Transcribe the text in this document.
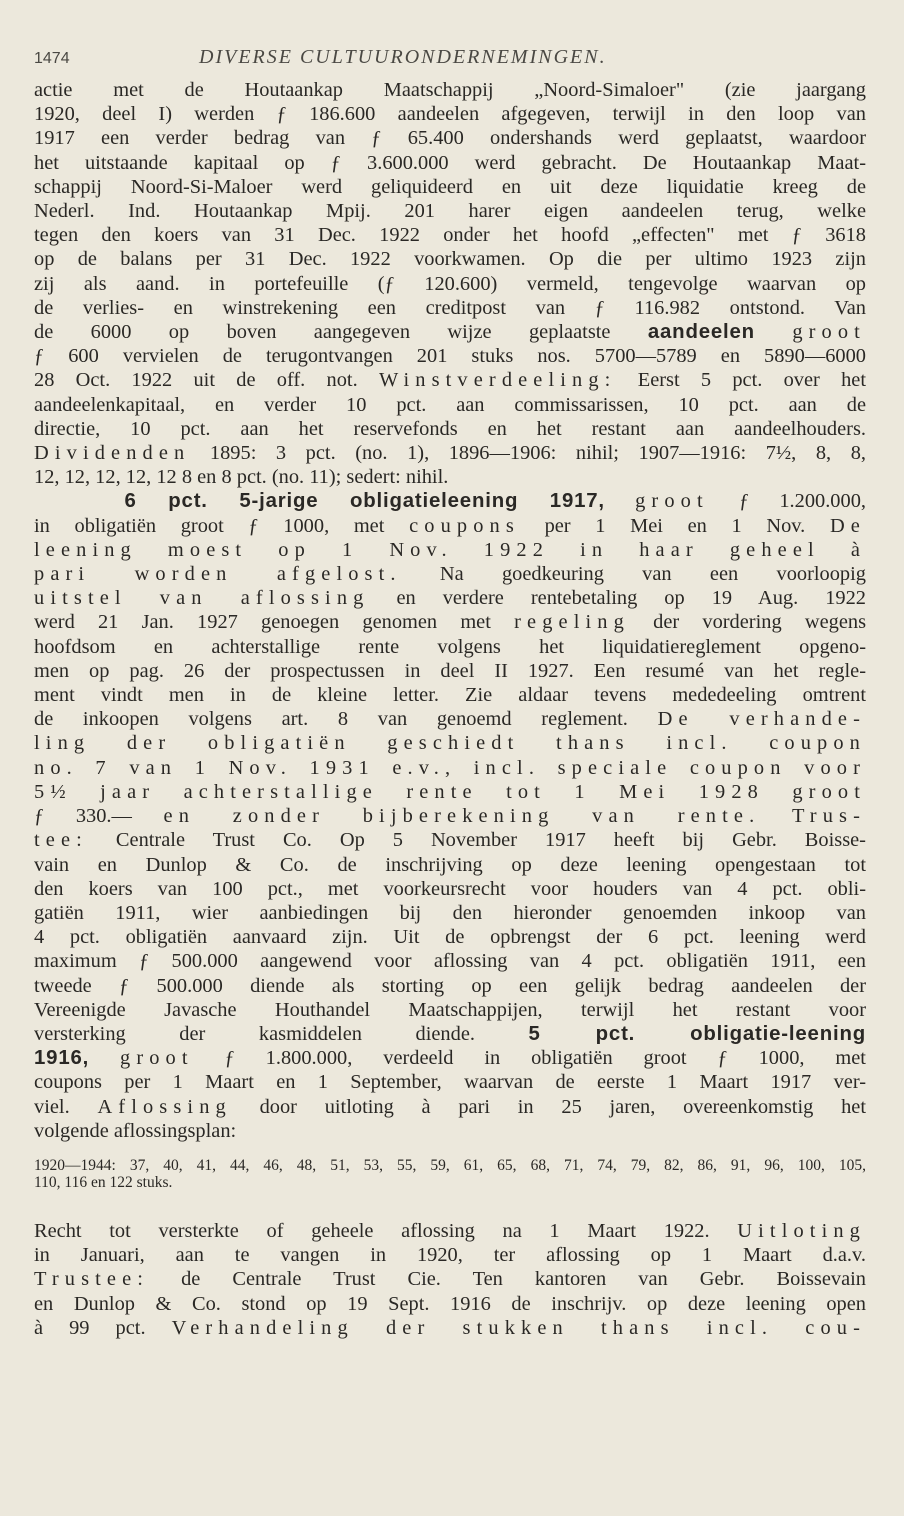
1474	DIVERSE CULTUURONDERNEMINGEN.

actie met de Houtaankap Maatschappij „Noord-Simaloer" (zie jaargang

1920, deel I) werden ƒ 186.600 aandeelen afgegeven, terwijl in den loop van

1917 een verder bedrag van ƒ 65.400 ondershands werd geplaatst, waardoor

het uitstaande kapitaal op ƒ 3.600.000 werd gebracht. De Houtaankap Maat-

schappij Noord-Si-Maloer werd geliquideerd en uit deze liquidatie kreeg de

Nederl. Ind. Houtaankap Mpij. 201 harer eigen aandeelen terug, welke

tegen den koers van 31 Dec. 1922 onder het hoofd „effecten" met ƒ 3618

op de balans per 31 Dec. 1922 voorkwamen. Op die per ultimo 1923 zijn

zij als aand. in portefeuille (ƒ 120.600) vermeld, tengevolge waarvan op

de verlies- en winstrekening een creditpost van ƒ 116.982 ontstond. Van

de 6000 op boven aangegeven wijze geplaatste aandeelen groot

ƒ 600 vervielen de terugontvangen 201 stuks nos. 5700—5789 en 5890—6000

28 Oct. 1922 uit de off. not. Winstverdeeling: Eerst 5 pct. over het

aandeelenkapitaal, en verder 10 pct. aan commissarissen, 10 pct. aan de

directie, 10 pct. aan het reservefonds en het restant aan aandeelhouders.

Dividenden 1895: 3 pct. (no. 1), 1896—1906: nihil; 1907—1916: 7½, 8, 8,

12, 12, 12, 12, 12 8 en 8 pct. (no. 11); sedert: nihil.

6 pct. 5-jarige obligatieleening 1917, groot ƒ 1.200.000,

in obligatiën groot ƒ 1000, met coupons per 1 Mei en 1 Nov. De

leening moest op 1 Nov. 1922 in haar geheel à

pari worden afgelost. Na goedkeuring van een voorloopig

uitstel van aflossing en verdere rentebetaling op 19 Aug. 1922

werd 21 Jan. 1927 genoegen genomen met regeling der vordering wegens

hoofdsom en achterstallige rente volgens het liquidatiereglement opgeno-

men op pag. 26 der prospectussen in deel II 1927. Een resumé van het regle-

ment vindt men in de kleine letter. Zie aldaar tevens mededeeling omtrent

de inkoopen volgens art. 8 van genoemd reglement. De verhande-

ling der obligatiën geschiedt thans incl. coupon

no. 7 van 1 Nov. 1931 e.v., incl. speciale coupon voor

5½ jaar achterstallige rente tot 1 Mei 1928 groot

ƒ 330.— en zonder bijberekening van rente. Trus-

tee: Centrale Trust Co. Op 5 November 1917 heeft bij Gebr. Boisse-

vain en Dunlop & Co. de inschrijving op deze leening opengestaan tot

den koers van 100 pct., met voorkeursrecht voor houders van 4 pct. obli-

gatiën 1911, wier aanbiedingen bij den hieronder genoemden inkoop van

4 pct. obligatiën aanvaard zijn. Uit de opbrengst der 6 pct. leening werd

maximum ƒ 500.000 aangewend voor aflossing van 4 pct. obligatiën 1911, een

tweede ƒ 500.000 diende als storting op een gelijk bedrag aandeelen der

Vereenigde Javasche Houthandel Maatschappijen, terwijl het restant voor

versterking der kasmiddelen diende.	5 pct. obligatie-leening

1916, groot ƒ 1.800.000, verdeeld in obligatiën groot ƒ 1000, met

coupons per 1 Maart en 1 September, waarvan de eerste 1 Maart 1917 ver-

viel. Aflossing door uitloting à pari in 25 jaren, overeenkomstig het

volgende aflossingsplan:

1920—1944: 37, 40, 41, 44, 46, 48, 51, 53, 55, 59, 61, 65, 68, 71, 74, 79, 82, 86, 91, 96, 100, 105,

110, 116 en 122 stuks.

Recht tot versterkte of geheele aflossing na 1 Maart 1922. Uitloting

in Januari, aan te vangen in 1920, ter aflossing op 1 Maart d.a.v.

Trustee: de Centrale Trust Cie. Ten kantoren van Gebr. Boissevain

en Dunlop & Co. stond op 19 Sept. 1916 de inschrijv. op deze leening open

à 99 pct. Verhandeling der stukken thans incl. cou-
